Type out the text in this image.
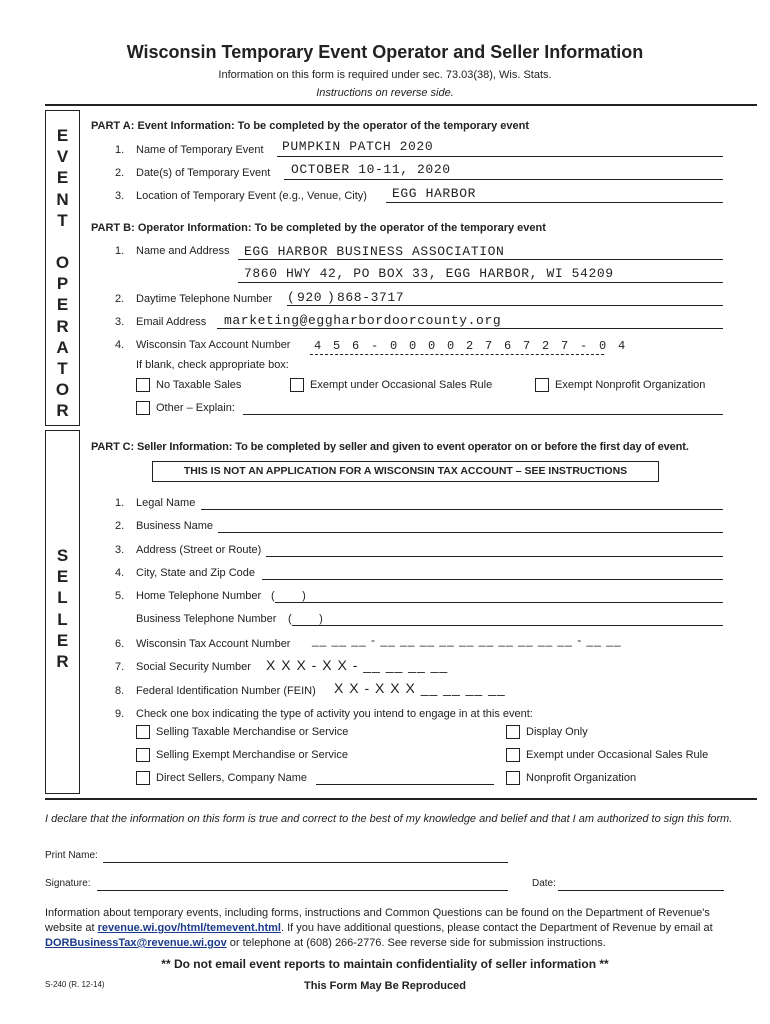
Wisconsin Temporary Event Operator and Seller Information
Information on this form is required under sec. 73.03(38), Wis. Stats.
Instructions on reverse side.
E
V
E
N
T
O
P
E
R
A
T
O
R
S
E
L
L
E
R
PART A: Event Information: To be completed by the operator of the temporary event
1. Name of Temporary Event PUMPKIN PATCH 2020
2. Date(s) of Temporary Event OCTOBER 10-11, 2020
3. Location of Temporary Event (e.g., Venue, City) EGG HARBOR
PART B: Operator Information: To be completed by the operator of the temporary event
1. Name and Address EGG HARBOR BUSINESS ASSOCIATION
7860 HWY 42, PO BOX 33, EGG HARBOR, WI 54209
2. Daytime Telephone Number ( 920 ) 868-3717
3. Email Address marketing@eggharbordoorcounty.org
4. Wisconsin Tax Account Number 4 5 6 - 0 0 0 0 2 7 6 7 2 7 - 0 4
If blank, check appropriate box:
No Taxable Sales	Exempt under Occasional Sales Rule	Exempt Nonprofit Organization
Other – Explain:
PART C: Seller Information: To be completed by seller and given to event operator on or before the first day of event.
THIS IS NOT AN APPLICATION FOR A WISCONSIN TAX ACCOUNT – SEE INSTRUCTIONS
1. Legal Name
2. Business Name
3. Address (Street or Route)
4. City, State and Zip Code
5. Home Telephone Number (         )
Business Telephone Number (         )
6. Wisconsin Tax Account Number __ __ __ - __ __ __ __ __ __ __ __ __ __ - __ __
7. Social Security Number X X X - X X - __ __ __ __
8. Federal Identification Number (FEIN) X X - X X X __ __ __ __
9. Check one box indicating the type of activity you intend to engage in at this event:
Selling Taxable Merchandise or Service	Display Only
Selling Exempt Merchandise or Service	Exempt under Occasional Sales Rule
Direct Sellers, Company Name	Nonprofit Organization
I declare that the information on this form is true and correct to the best of my knowledge and belief and that I am authorized to sign this form.
Print Name:
Signature:	Date:
Information about temporary events, including forms, instructions and Common Questions can be found on the Department of Revenue's website at revenue.wi.gov/html/temevent.html. If you have additional questions, please contact the Department of Revenue by email at DORBusinessTax@revenue.wi.gov or telephone at (608) 266-2776. See reverse side for submission instructions.
** Do not email event reports to maintain confidentiality of seller information **
S-240 (R. 12-14)	This Form May Be Reproduced
